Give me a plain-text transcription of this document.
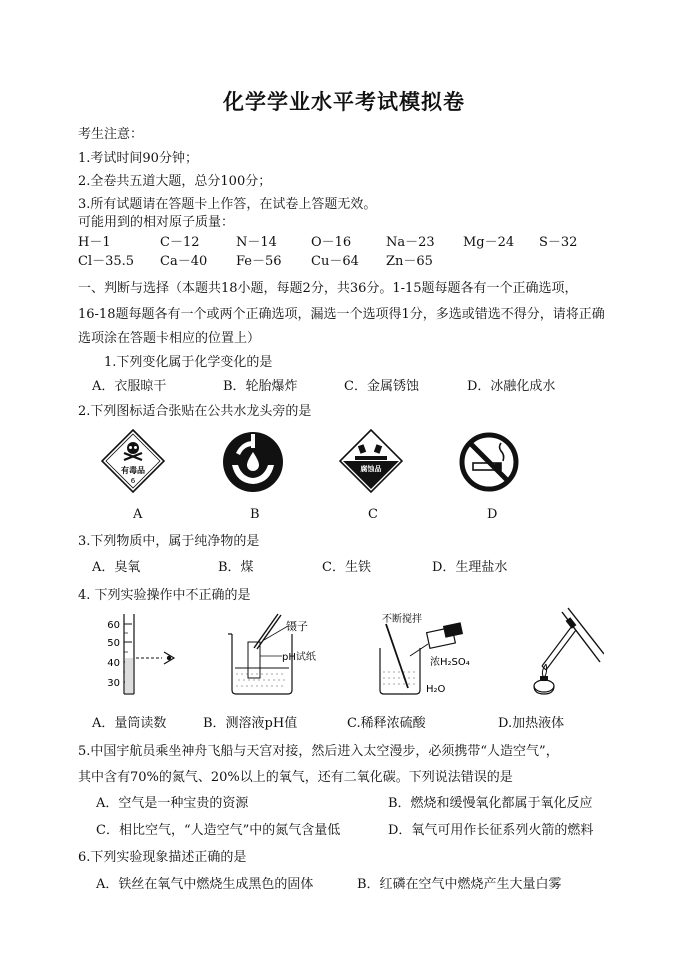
化学学业水平考试模拟卷
考生注意：
1.考试时间90分钟；
2.全卷共五道大题，总分100分；
3.所有试题请在答题卡上作答，在试卷上答题无效。
可能用到的相对原子质量：
H－1	C－12	N－14	O－16	Na－23 Mg－24 S－32
Cl－35.5 Ca－40 Fe－56 Cu－64 Zn－65
一、判断与选择（本题共18小题，每题2分，共36分。1-15题每题各有一个正确选项，
16-18题每题各有一个或两个正确选项，漏选一个选项得1分，多选或错选不得分，请将正确
选项涂在答题卡相应的位置上）
1.下列变化属于化学变化的是
A．衣服晾干	B．轮胎爆炸	C．金属锈蚀	D．冰融化成水
2.下列图标适合张贴在公共水龙头旁的是
有毒品
6
腐蚀品
A	B	C	D
3.下列物质中，属于纯净物的是
A．臭氧	B．煤	C．生铁	D．生理盐水
4. 下列实验操作中不正确的是
60
50
40
30
镊子
pH试纸
不断搅拌
浓H₂SO₄
H₂O
A．量筒读数	B．测溶液pH值	C.稀释浓硫酸	D.加热液体
5.中国宇航员乘坐神舟飞船与天宫对接，然后进入太空漫步，必须携带“人造空气”，
其中含有70%的氮气、20%以上的氧气，还有二氧化碳。下列说法错误的是
A．空气是一种宝贵的资源	B．燃烧和缓慢氧化都属于氧化反应
C．相比空气，“人造空气”中的氮气含量低	D．氧气可用作长征系列火箭的燃料
6.下列实验现象描述正确的是
A．铁丝在氧气中燃烧生成黑色的固体	B．红磷在空气中燃烧产生大量白雾
